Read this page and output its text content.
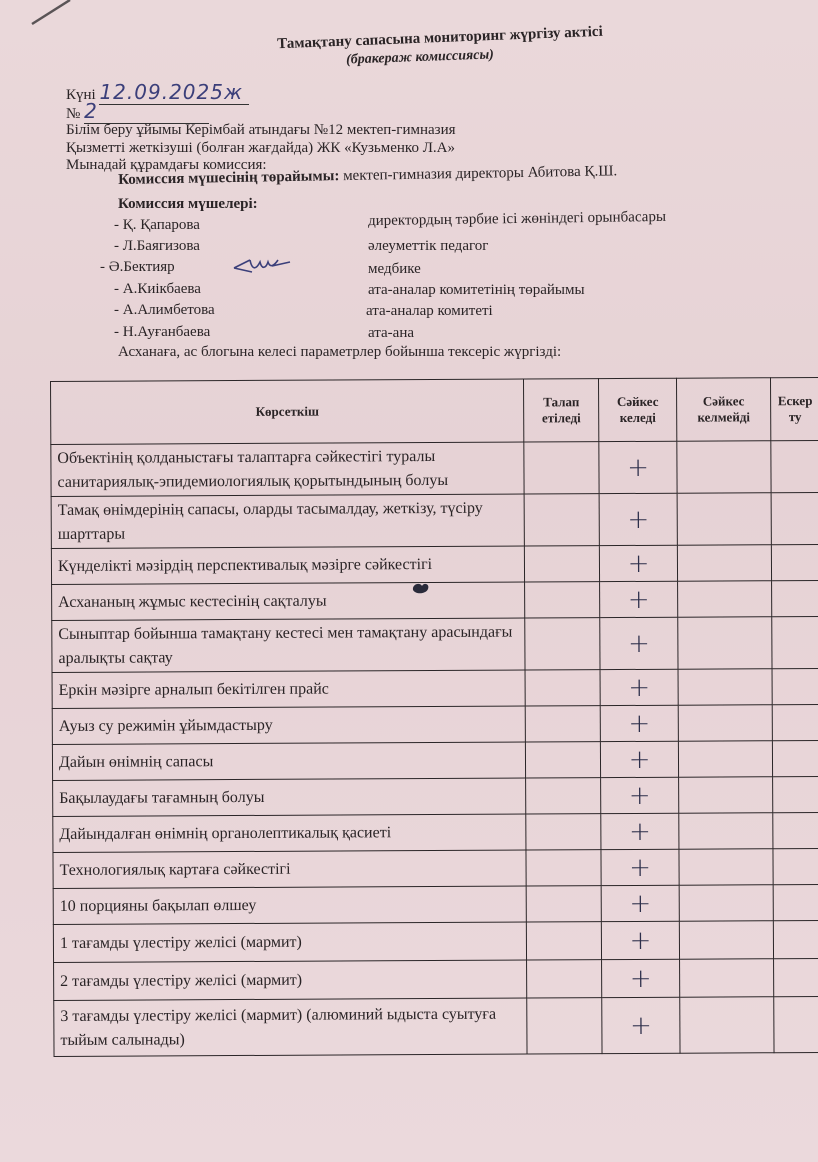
Тамақтану сапасына мониторинг жүргізу актісі
(бракераж комиссиясы)
Күні 12.09.2025ж
№ 2
Білім беру ұйымы Керімбай атындағы №12 мектеп-гимназия
Қызметті жеткізуші (болған жағдайда) ЖК «Кузьменко Л.А»
Мынадай құрамдағы комиссия:
Комиссия мүшесінің төрайымы: мектеп-гимназия директоры Абитова Қ.Ш.
Комиссия мүшелері:
- Қ. Қапарова	директордың тәрбие ісі жөніндегі орынбасары
- Л.Баягизова	әлеуметтік педагог
- Ә.Бектияр	медбике
- А.Киікбаева	ата-аналар комитетінің төрайымы
- А.Алимбетова	ата-аналар комитеті
- Н.Ауғанбаева	ата-ана
Асханаға, ас блогына келесі параметрлер бойынша тексеріс жүргізді:
Көрсеткіш	Талап етіледі	Сәйкес келеді	Сәйкес келмейді	Ескер ту
Объектінің қолданыстағы талаптарға сәйкестігі туралы санитариялық-эпидемиологиялық қорытындының болуы		+		
Тамақ өнімдерінің сапасы, оларды тасымалдау, жеткізу, түсіру шарттары		+		
Күнделікті мәзірдің перспективалық мәзірге сәйкестігі		+		
Асхананың жұмыс кестесінің сақталуы		+		
Сыныптар бойынша тамақтану кестесі мен тамақтану арасындағы аралықты сақтау		+		
Еркін мәзірге арналып бекітілген прайс		+		
Ауыз су режимін ұйымдастыру		+		
Дайын өнімнің сапасы		+		
Бақылаудағы тағамның болуы		+		
Дайындалған өнімнің органолептикалық қасиеті		+		
Технологиялық картаға сәйкестігі		+		
10 порцияны бақылап өлшеу		+		
1 тағамды үлестіру желісі (мармит)		+		
2 тағамды үлестіру желісі (мармит)		+		
3 тағамды үлестіру желісі (мармит) (алюминий ыдыста суытуға тыйым салынады)		+		
